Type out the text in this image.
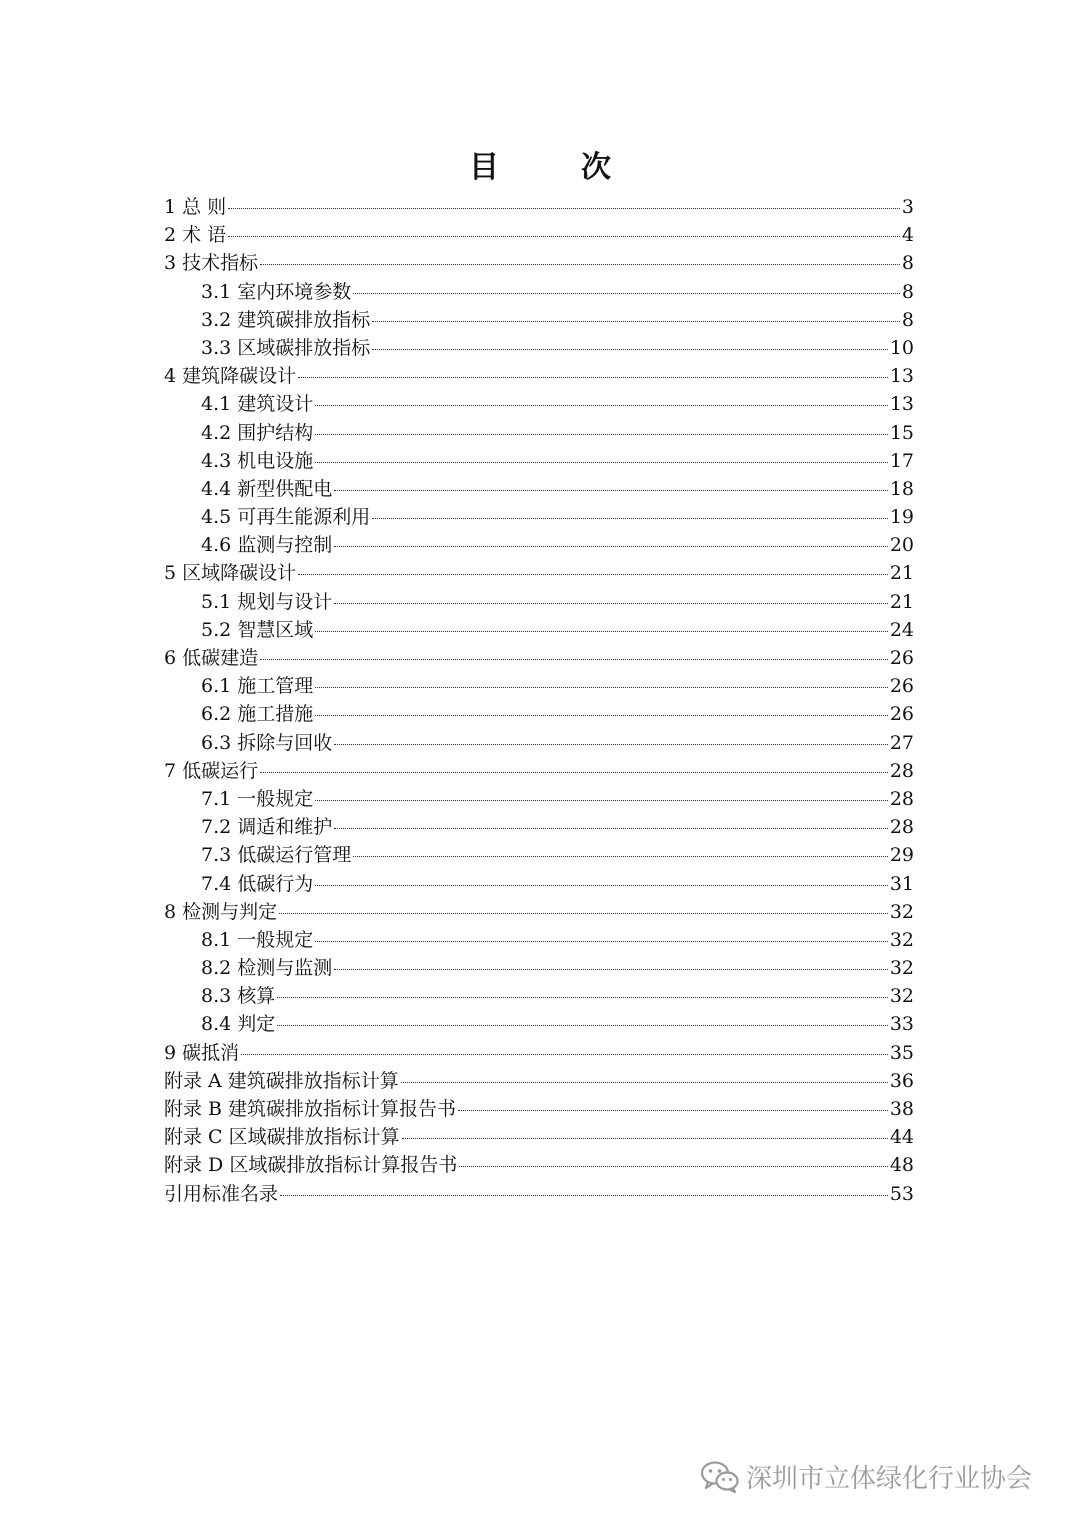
目　次
1 总 则	3
2 术 语	4
3 技术指标	8
3.1 室内环境参数	8
3.2 建筑碳排放指标	8
3.3 区域碳排放指标	10
4 建筑降碳设计	13
4.1 建筑设计	13
4.2 围护结构	15
4.3 机电设施	17
4.4 新型供配电	18
4.5 可再生能源利用	19
4.6 监测与控制	20
5 区域降碳设计	21
5.1 规划与设计	21
5.2 智慧区域	24
6 低碳建造	26
6.1 施工管理	26
6.2 施工措施	26
6.3 拆除与回收	27
7 低碳运行	28
7.1 一般规定	28
7.2 调适和维护	28
7.3 低碳运行管理	29
7.4 低碳行为	31
8 检测与判定	32
8.1 一般规定	32
8.2 检测与监测	32
8.3 核算	32
8.4 判定	33
9 碳抵消	35
附录 A 建筑碳排放指标计算	36
附录 B 建筑碳排放指标计算报告书	38
附录 C 区域碳排放指标计算	44
附录 D 区域碳排放指标计算报告书	48
引用标准名录	53
深圳市立体绿化行业协会
